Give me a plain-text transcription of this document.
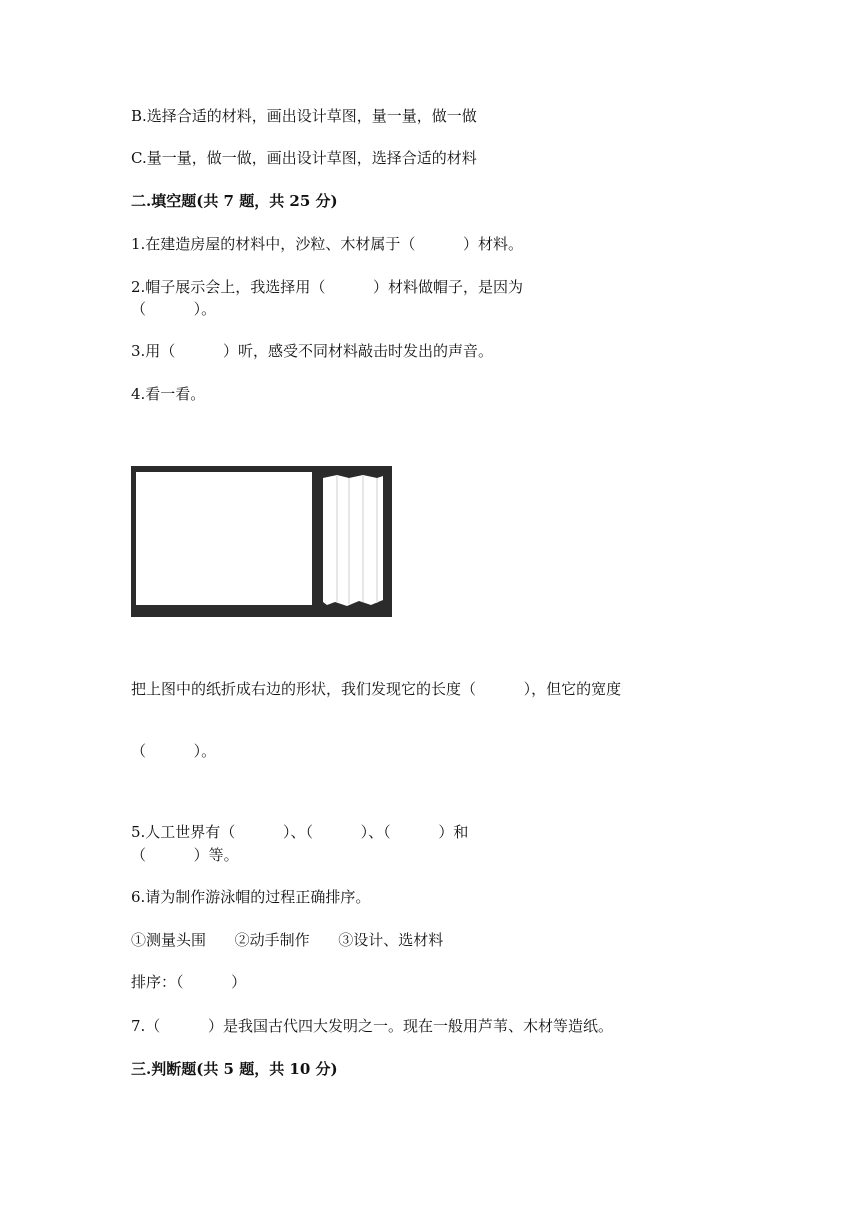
B.选择合适的材料，画出设计草图，量一量，做一做
C.量一量，做一做，画出设计草图，选择合适的材料
二.填空题(共 7 题，共 25 分)
1.在建造房屋的材料中，沙粒、木材属于（          ）材料。
2.帽子展示会上，我选择用（          ）材料做帽子，是因为
（          ）。
3.用（          ）听，感受不同材料敲击时发出的声音。
4.看一看。
把上图中的纸折成右边的形状，我们发现它的长度（          ），但它的宽度
（          ）。
5.人工世界有（          ）、（          ）、（          ）和
（          ）等。
6.请为制作游泳帽的过程正确排序。
①测量头围      ②动手制作      ③设计、选材料
排序：（          ）
7.（          ）是我国古代四大发明之一。现在一般用芦苇、木材等造纸。
三.判断题(共 5 题，共 10 分)
